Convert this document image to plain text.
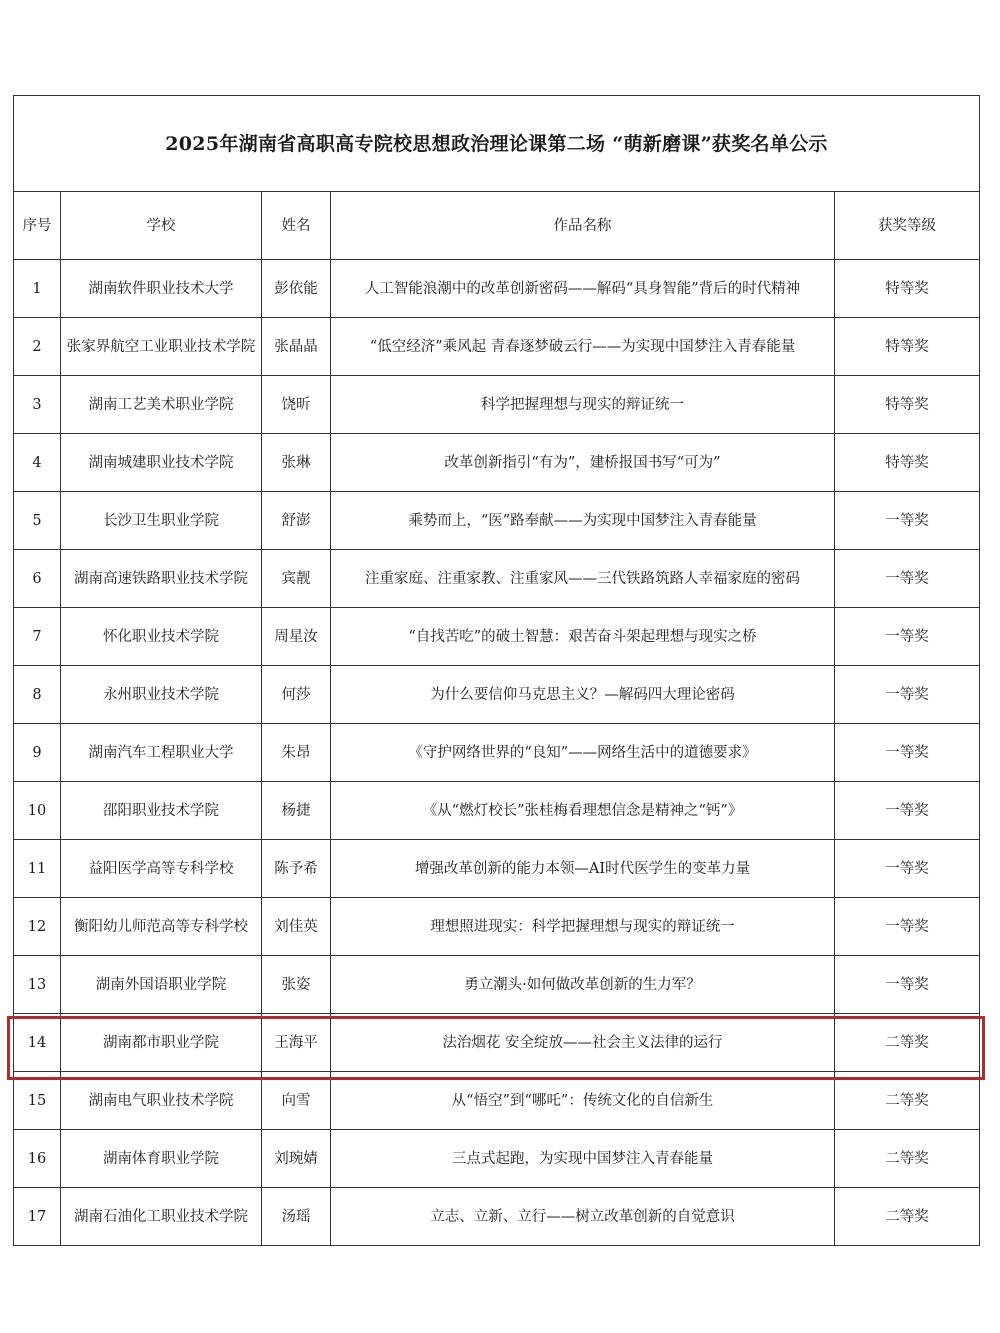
2025年湖南省高职高专院校思想政治理论课第二场 “萌新磨课”获奖名单公示				
序号	学校	姓名	作品名称	获奖等级
1	湖南软件职业技术大学	彭依能	人工智能浪潮中的改革创新密码——解码“具身智能”背后的时代精神	特等奖
2	张家界航空工业职业技术学院	张晶晶	“低空经济”乘风起 青春逐梦破云行——为实现中国梦注入青春能量	特等奖
3	湖南工艺美术职业学院	饶昕	科学把握理想与现实的辩证统一	特等奖
4	湖南城建职业技术学院	张琳	改革创新指引“有为”，建桥报国书写“可为”	特等奖
5	长沙卫生职业学院	舒澎	乘势而上，“医”路奉献——为实现中国梦注入青春能量	一等奖
6	湖南高速铁路职业技术学院	宾靓	注重家庭、注重家教、注重家风——三代铁路筑路人幸福家庭的密码	一等奖
7	怀化职业技术学院	周星汝	“自找苦吃”的破土智慧：艰苦奋斗架起理想与现实之桥	一等奖
8	永州职业技术学院	何莎	为什么要信仰马克思主义？—解码四大理论密码	一等奖
9	湖南汽车工程职业大学	朱昂	《守护网络世界的“良知”——网络生活中的道德要求》	一等奖
10	邵阳职业技术学院	杨捷	《从“燃灯校长”张桂梅看理想信念是精神之“钙”》	一等奖
11	益阳医学高等专科学校	陈予希	增强改革创新的能力本领—AI时代医学生的变革力量	一等奖
12	衡阳幼儿师范高等专科学校	刘佳英	理想照进现实：科学把握理想与现实的辩证统一	一等奖
13	湖南外国语职业学院	张姿	勇立潮头·如何做改革创新的生力军？	一等奖
14	湖南都市职业学院	王海平	法治烟花 安全绽放——社会主义法律的运行	二等奖
15	湖南电气职业技术学院	向雪	从“悟空”到“哪吒”：传统文化的自信新生	二等奖
16	湖南体育职业学院	刘琬婧	三点式起跑，为实现中国梦注入青春能量	二等奖
17	湖南石油化工职业技术学院	汤瑶	立志、立新、立行——树立改革创新的自觉意识	二等奖
